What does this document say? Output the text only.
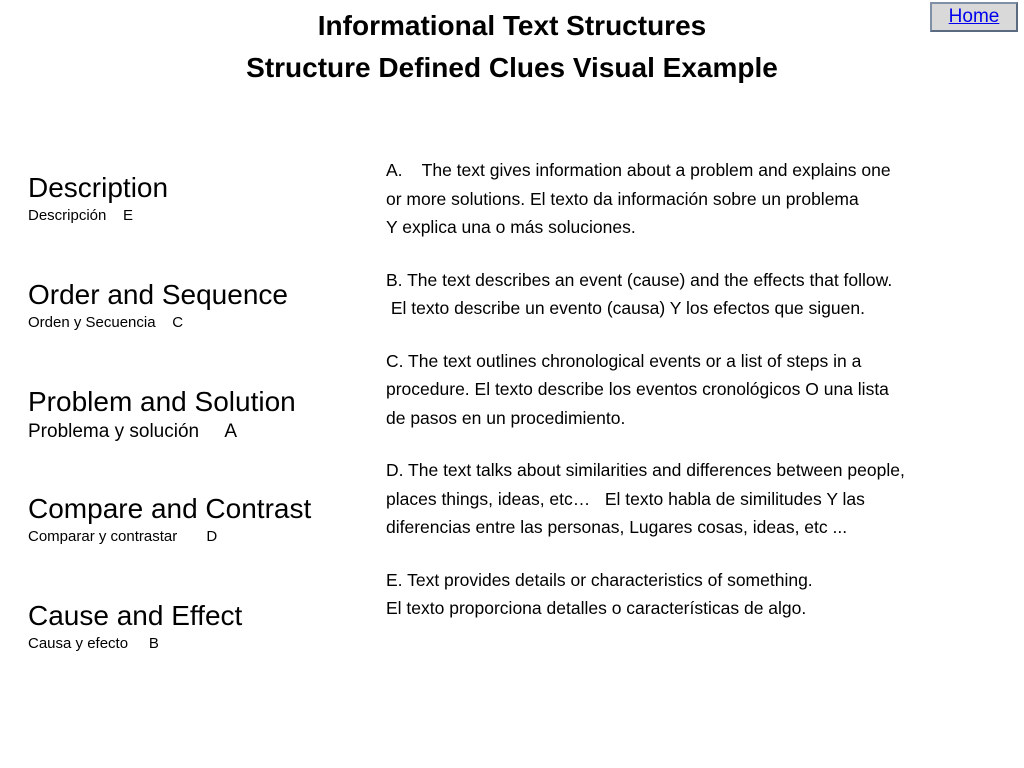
Home
Informational Text Structures
Structure Defined Clues Visual Example
Description
Descripción    E
Order and Sequence
Orden y Secuencia    C
Problem and Solution
Problema y solución     A
Compare and Contrast
Comparar y contrastar       D
Cause and Effect
Causa y efecto     B
A.    The text gives information about a problem and explains one
or more solutions. El texto da información sobre un problema
Y explica una o más soluciones.
B. The text describes an event (cause) and the effects that follow.
El texto describe un evento (causa) Y los efectos que siguen.
C. The text outlines chronological events or a list of steps in a
procedure. El texto describe los eventos cronológicos O una lista
de pasos en un procedimiento.
D. The text talks about similarities and differences between people,
places things, ideas, etc…   El texto habla de similitudes Y las
diferencias entre las personas, Lugares cosas, ideas, etc ...
E. Text provides details or characteristics of something.
El texto proporciona detalles o características de algo.
